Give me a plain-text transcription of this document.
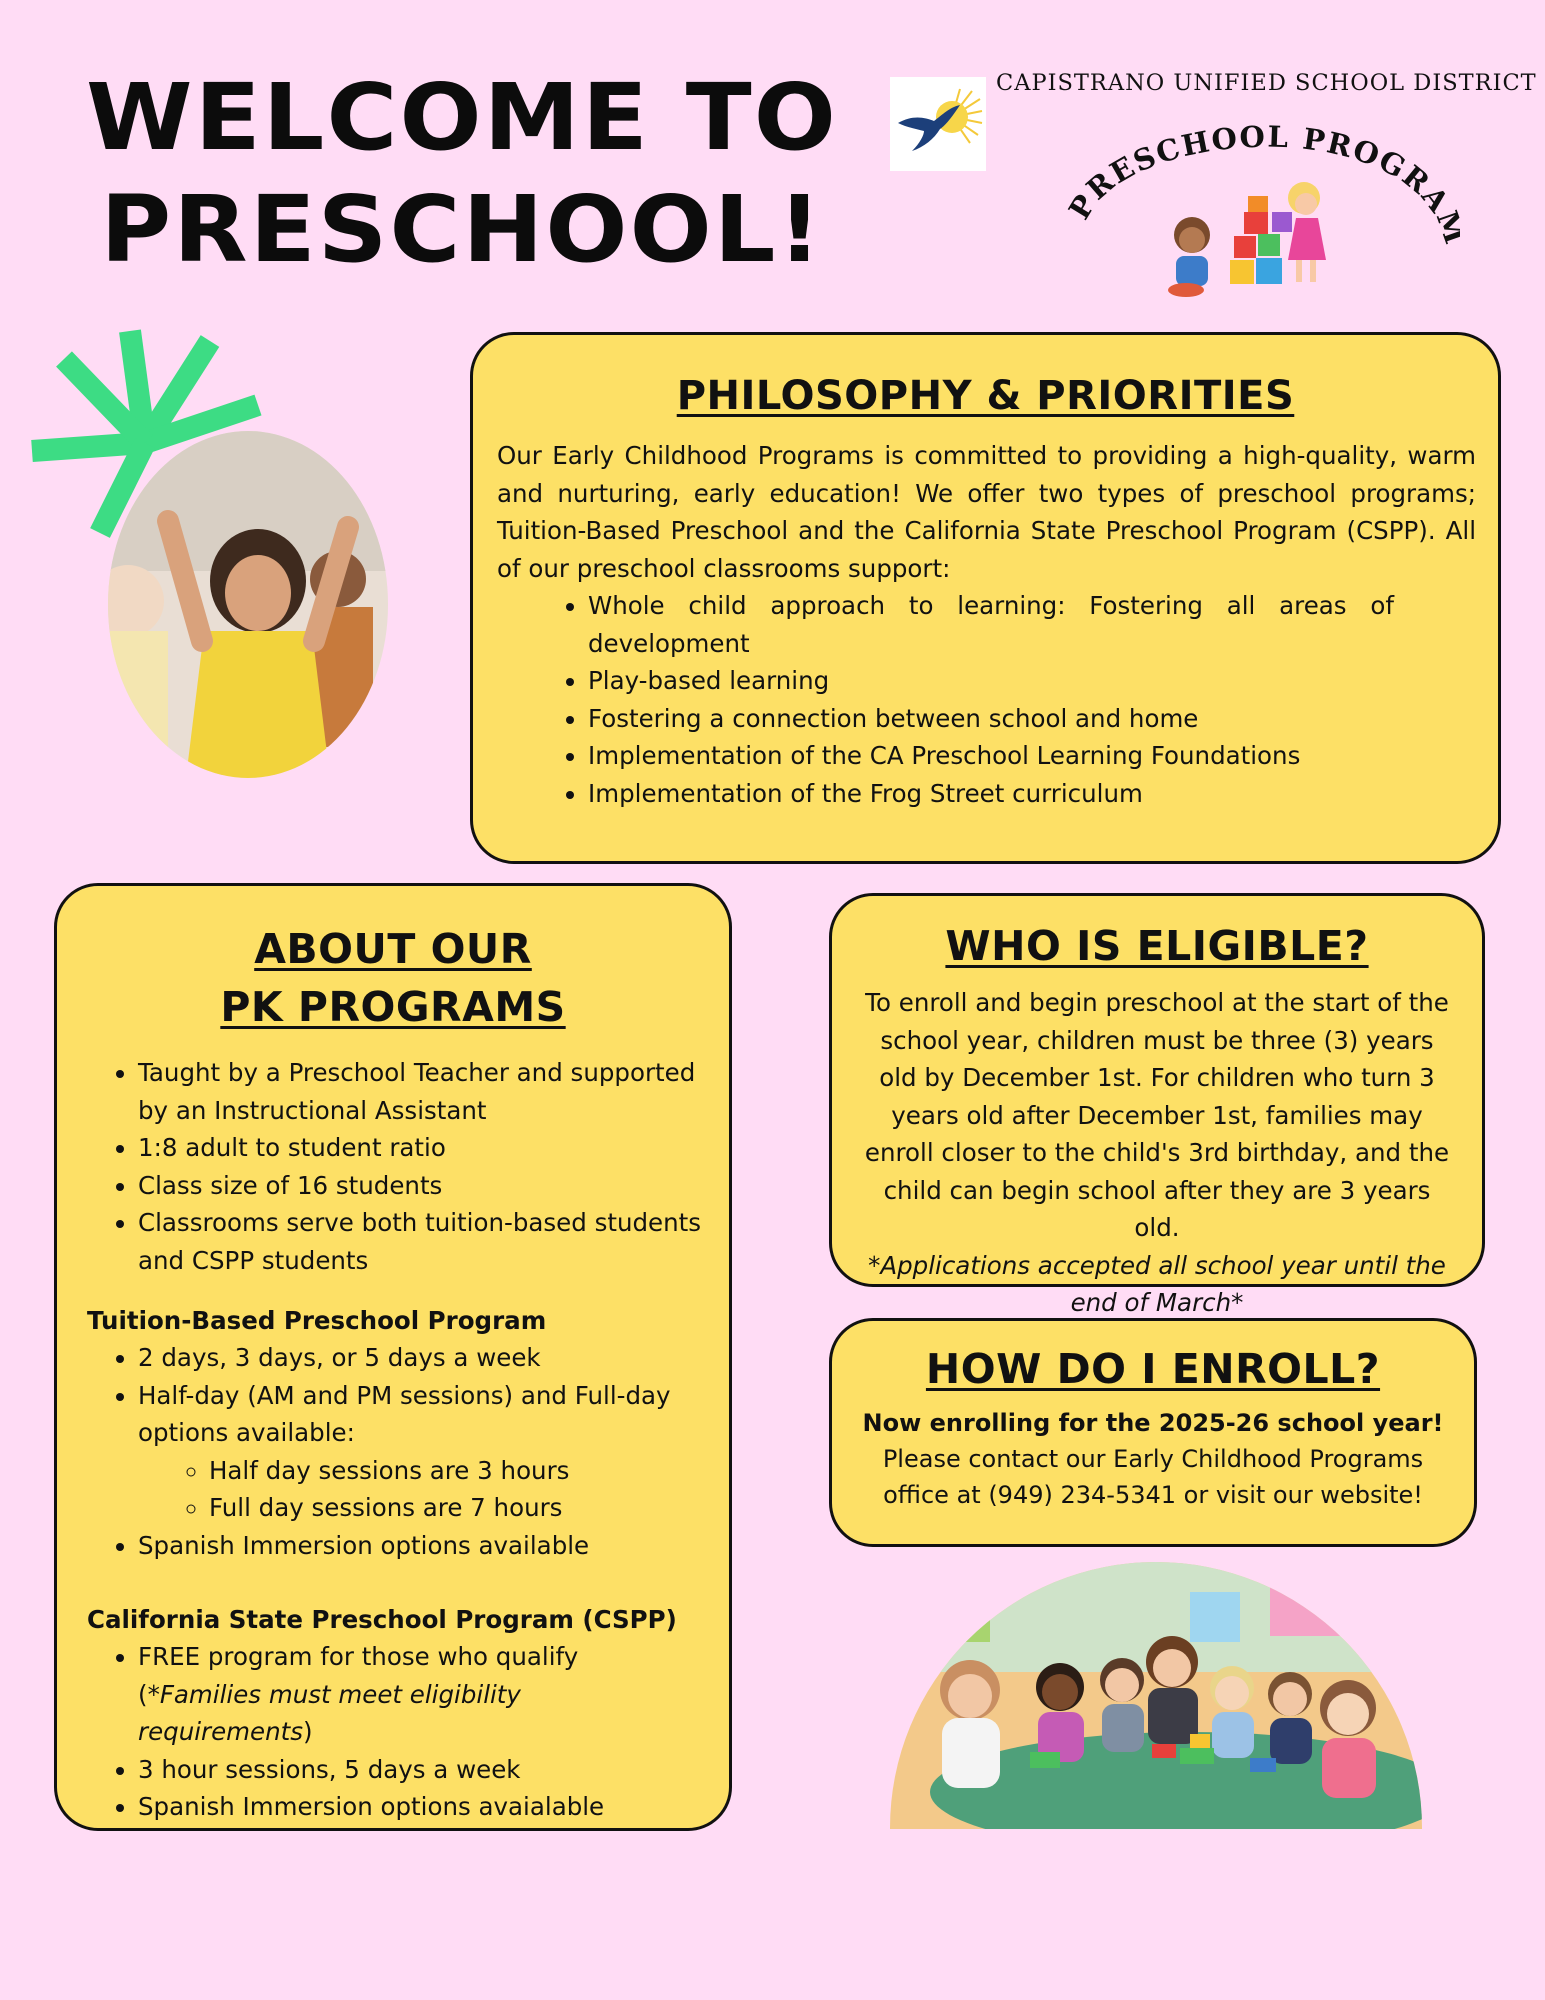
WELCOME TO
PRESCHOOL!
CAPISTRANO UNIFIED SCHOOL DISTRICT
PRESCHOOL PROGRA
PHILOSOPHY & PRIORITIES

Our Early Childhood Programs is committed to providing a high-quality, warm and nurturing, early education! We offer two types of preschool programs; Tuition-Based Preschool and the California State Preschool Program (CSPP). All of our preschool classrooms support:

• Whole child approach to learning: Fostering all areas of development
• Play-based learning
• Fostering a connection between school and home
• Implementation of the CA Preschool Learning Foundations
• Implementation of the Frog Street curriculum
ABOUT OUR
PK PROGRAMS
• Taught by a Preschool Teacher and supported by an Instructional Assistant
• 1:8 adult to student ratio
• Class size of 16 students
• Classrooms serve both tuition-based students and CSPP students
Tuition-Based Preschool Program
• 2 days, 3 days, or 5 days a week
• Half-day (AM and PM sessions) and Full-day options available:
◦ Half day sessions are 3 hours
◦ Full day sessions are 7 hours
• Spanish Immersion options available
California State Preschool Program (CSPP)
• FREE program for those who qualify (*Families must meet eligibility requirements)
• 3 hour sessions, 5 days a week
• Spanish Immersion options avaialable
WHO IS ELIGIBLE?

To enroll and begin preschool at the start of the school year, children must be three (3) years old by December 1st. For children who turn 3 years old after December 1st, families may enroll closer to the child's 3rd birthday, and the child can begin school after they are 3 years old.
*Applications accepted all school year until the end of March*

HOW DO I ENROLL?

Now enrolling for the 2025-26 school year!
Please contact our Early Childhood Programs office at (949) 234-5341 or visit our website!
